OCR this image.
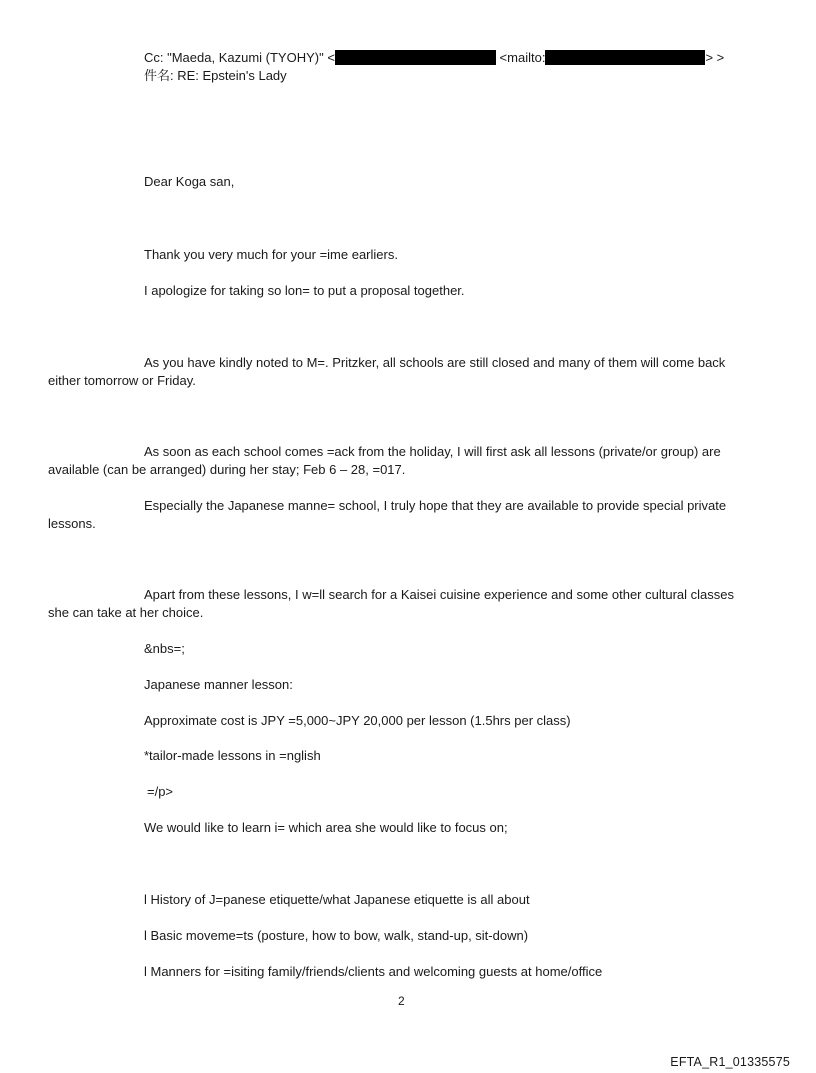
Cc: "Maeda, Kazumi (TYOHY)" <	<mailto:	> >
件名: RE: Epstein's Lady
Dear Koga san,
Thank you very much for your =ime earliers.
I apologize for taking so lon= to put a proposal together.
As you have kindly noted to M=. Pritzker, all schools are still closed and many of them will come back
either tomorrow or Friday.
As soon as each school comes =ack from the holiday, I will first ask all lessons (private/or group) are
available (can be arranged) during her stay; Feb 6 – 28, =017.
Especially the Japanese manne= school, I truly hope that they are available to provide special private
lessons.
Apart from these lessons, I w=ll search for a Kaisei cuisine experience and some other cultural classes
she can take at her choice.
&nbs=;
Japanese manner lesson:
Approximate cost is JPY =5,000~JPY 20,000 per lesson (1.5hrs per class)
*tailor-made lessons in =nglish
=/p>
We would like to learn i= which area she would like to focus on;
l History of J=panese etiquette/what Japanese etiquette is all about
l Basic moveme=ts (posture, how to bow, walk, stand-up, sit-down)
l Manners for =isiting family/friends/clients and welcoming guests at home/office
2
EFTA_R1_01335575
